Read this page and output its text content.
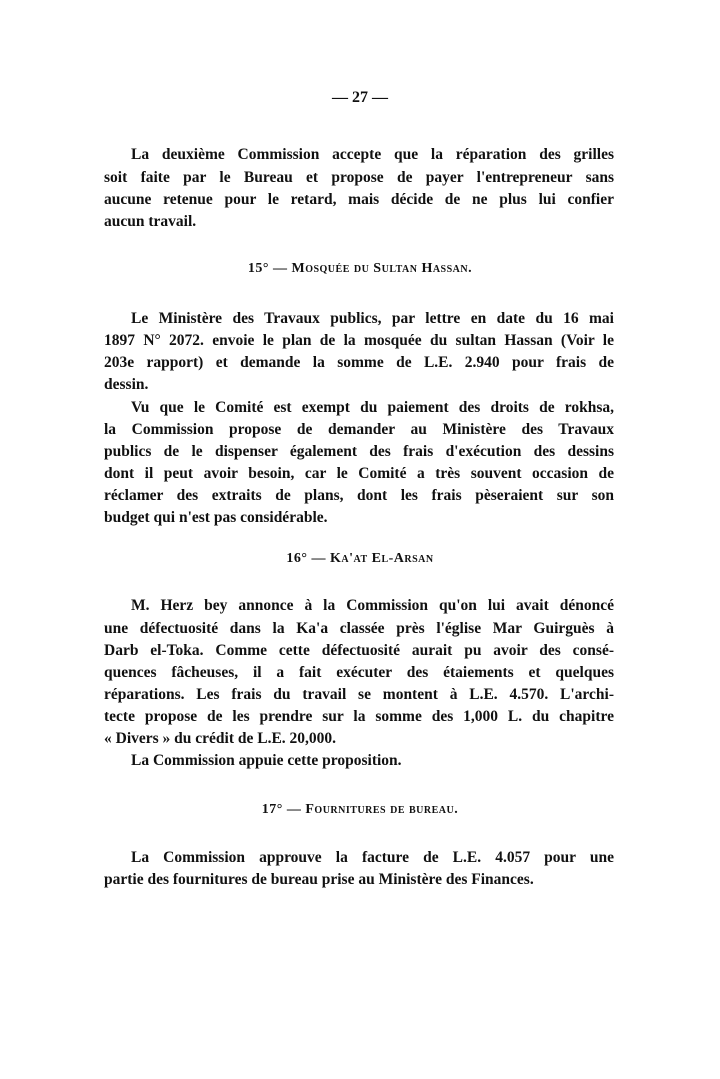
— 27 —
La deuxième Commission accepte que la réparation des grilles
soit faite par le Bureau et propose de payer l'entrepreneur sans
aucune retenue pour le retard, mais décide de ne plus lui confier
aucun travail.
15° — Mosquée du Sultan Hassan.
Le Ministère des Travaux publics, par lettre en date du 16 mai
1897 N° 2072. envoie le plan de la mosquée du sultan Hassan (Voir le
203e rapport) et demande la somme de L.E. 2.940 pour frais de
dessin.
Vu que le Comité est exempt du paiement des droits de rokhsa,
la Commission propose de demander au Ministère des Travaux
publics de le dispenser également des frais d'exécution des dessins
dont il peut avoir besoin, car le Comité a très souvent occasion de
réclamer des extraits de plans, dont les frais pèseraient sur son
budget qui n'est pas considérable.
16° — Ka'at El-Arsan
M. Herz bey annonce à la Commission qu'on lui avait dénoncé
une défectuosité dans la Ka'a classée près l'église Mar Guirguès à
Darb el-Toka. Comme cette défectuosité aurait pu avoir des consé-
quences fâcheuses, il a fait exécuter des étaiements et quelques
réparations. Les frais du travail se montent à L.E. 4.570. L'archi-
tecte propose de les prendre sur la somme des 1,000 L. du chapitre
« Divers » du crédit de L.E. 20,000.
La Commission appuie cette proposition.
17° — Fournitures de bureau.
La Commission approuve la facture de L.E. 4.057 pour une
partie des fournitures de bureau prise au Ministère des Finances.
